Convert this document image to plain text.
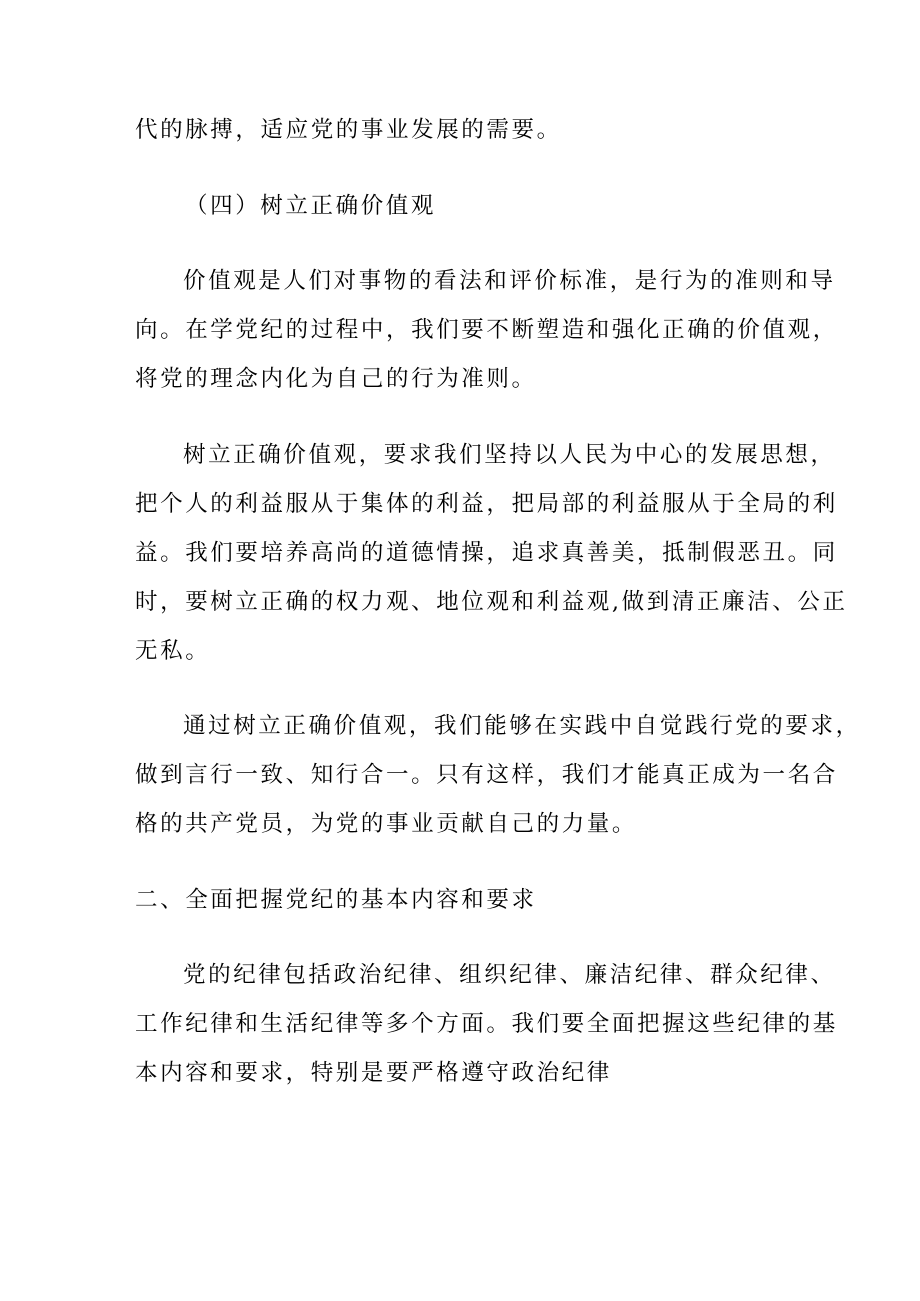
代的脉搏，适应党的事业发展的需要。
（四）树立正确价值观
价值观是人们对事物的看法和评价标准，是行为的准则和导
向。在学党纪的过程中，我们要不断塑造和强化正确的价值观，
将党的理念内化为自己的行为准则。
树立正确价值观，要求我们坚持以人民为中心的发展思想，
把个人的利益服从于集体的利益，把局部的利益服从于全局的利
益。我们要培养高尚的道德情操，追求真善美，抵制假恶丑。同
时，要树立正确的权力观、地位观和利益观,做到清正廉洁、公正
无私。
通过树立正确价值观，我们能够在实践中自觉践行党的要求，
做到言行一致、知行合一。只有这样，我们才能真正成为一名合
格的共产党员，为党的事业贡献自己的力量。
二、全面把握党纪的基本内容和要求
党的纪律包括政治纪律、组织纪律、廉洁纪律、群众纪律、
工作纪律和生活纪律等多个方面。我们要全面把握这些纪律的基
本内容和要求，特别是要严格遵守政治纪律
